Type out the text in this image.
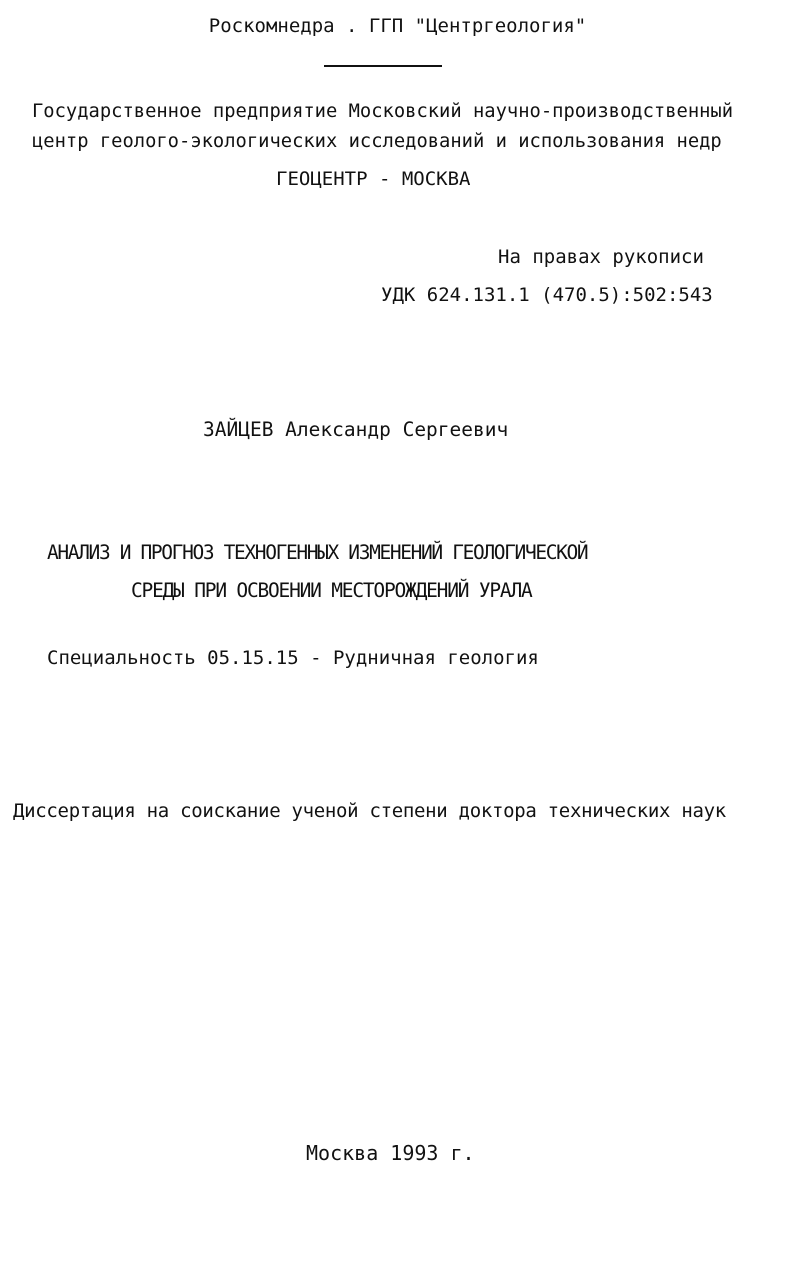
Роскомнедра . ГГП "Центргеология"
Государственное предприятие Московский научно-производственный
центр геолого-экологических исследований и использования недр
ГЕОЦЕНТР - МОСКВА
На правах рукописи
УДК 624.131.1 (470.5):502:543
ЗАЙЦЕВ Александр Сергеевич
АНАЛИЗ И ПРОГНОЗ ТЕХНОГЕННЫХ ИЗМЕНЕНИЙ ГЕОЛОГИЧЕСКОЙ
СРЕДЫ ПРИ ОСВОЕНИИ МЕСТОРОЖДЕНИЙ УРАЛА
Специальность 05.15.15 - Рудничная геология
Диссертация на соискание ученой степени доктора технических наук
Москва 1993 г.
